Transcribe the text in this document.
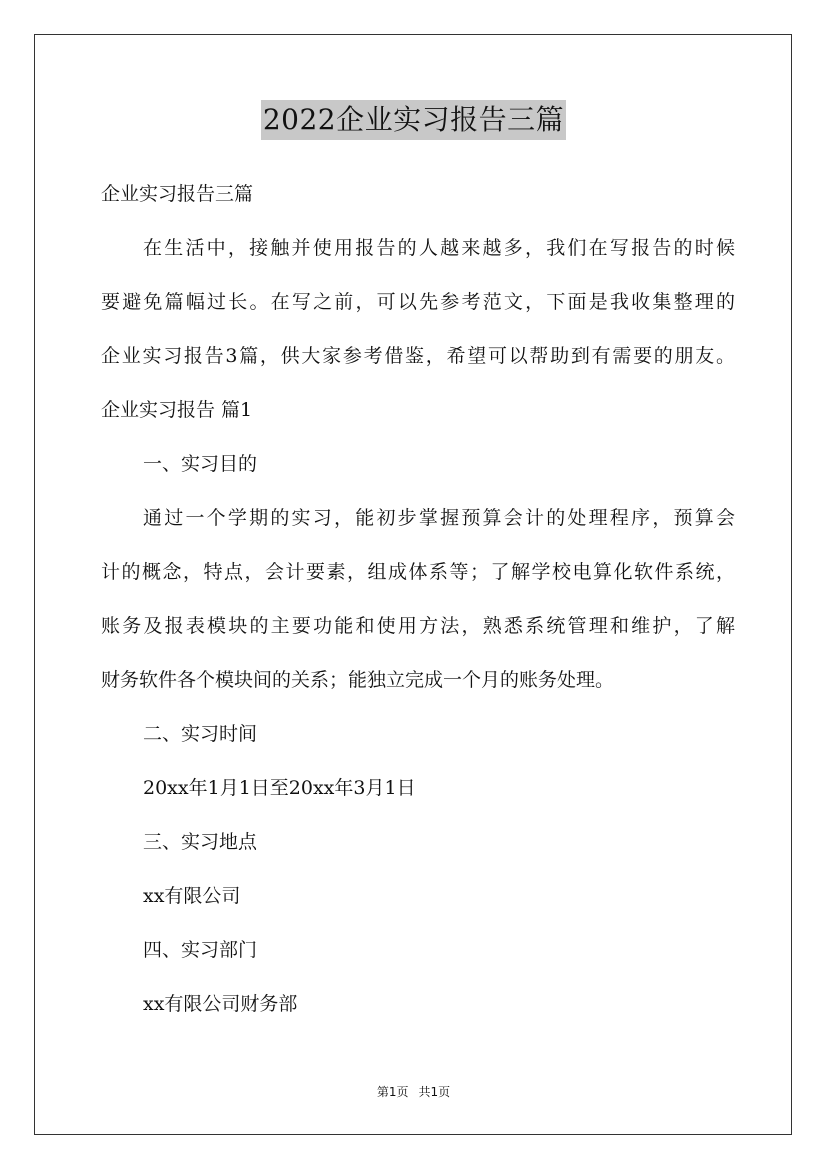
2022企业实习报告三篇
企业实习报告三篇
在生活中，接触并使用报告的人越来越多，我们在写报告的时候
要避免篇幅过长。在写之前，可以先参考范文，下面是我收集整理的
企业实习报告3篇，供大家参考借鉴，希望可以帮助到有需要的朋友。
企业实习报告 篇1
一、实习目的
通过一个学期的实习，能初步掌握预算会计的处理程序，预算会
计的概念，特点，会计要素，组成体系等；了解学校电算化软件系统，
账务及报表模块的主要功能和使用方法，熟悉系统管理和维护，了解
财务软件各个模块间的关系；能独立完成一个月的账务处理。
二、实习时间
20xx年1月1日至20xx年3月1日
三、实习地点
xx有限公司
四、实习部门
xx有限公司财务部
第1页 共1页
